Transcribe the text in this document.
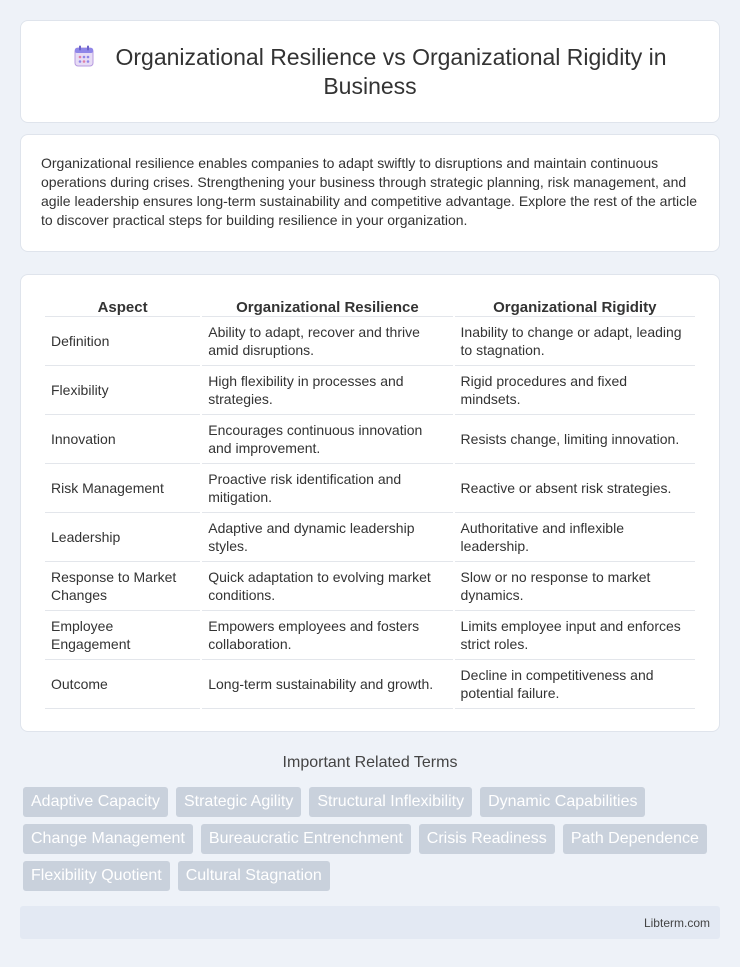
Organizational Resilience vs Organizational Rigidity in Business

Organizational resilience enables companies to adapt swiftly to disruptions and maintain continuous operations during crises. Strengthening your business through strategic planning, risk management, and agile leadership ensures long-term sustainability and competitive advantage. Explore the rest of the article to discover practical steps for building resilience in your organization.

Aspect	Organizational Resilience	Organizational Rigidity
Definition	Ability to adapt, recover and thrive amid disruptions.	Inability to change or adapt, leading to stagnation.
Flexibility	High flexibility in processes and strategies.	Rigid procedures and fixed mindsets.
Innovation	Encourages continuous innovation and improvement.	Resists change, limiting innovation.
Risk Management	Proactive risk identification and mitigation.	Reactive or absent risk strategies.
Leadership	Adaptive and dynamic leadership styles.	Authoritative and inflexible leadership.
Response to Market Changes	Quick adaptation to evolving market conditions.	Slow or no response to market dynamics.
Employee Engagement	Empowers employees and fosters collaboration.	Limits employee input and enforces strict roles.
Outcome	Long-term sustainability and growth.	Decline in competitiveness and potential failure.
Important Related Terms
Adaptive Capacity	Strategic Agility	Structural Inflexibility	Dynamic Capabilities
Change Management	Bureaucratic Entrenchment	Crisis Readiness	Path Dependence
Flexibility Quotient	Cultural Stagnation
Libterm.com
